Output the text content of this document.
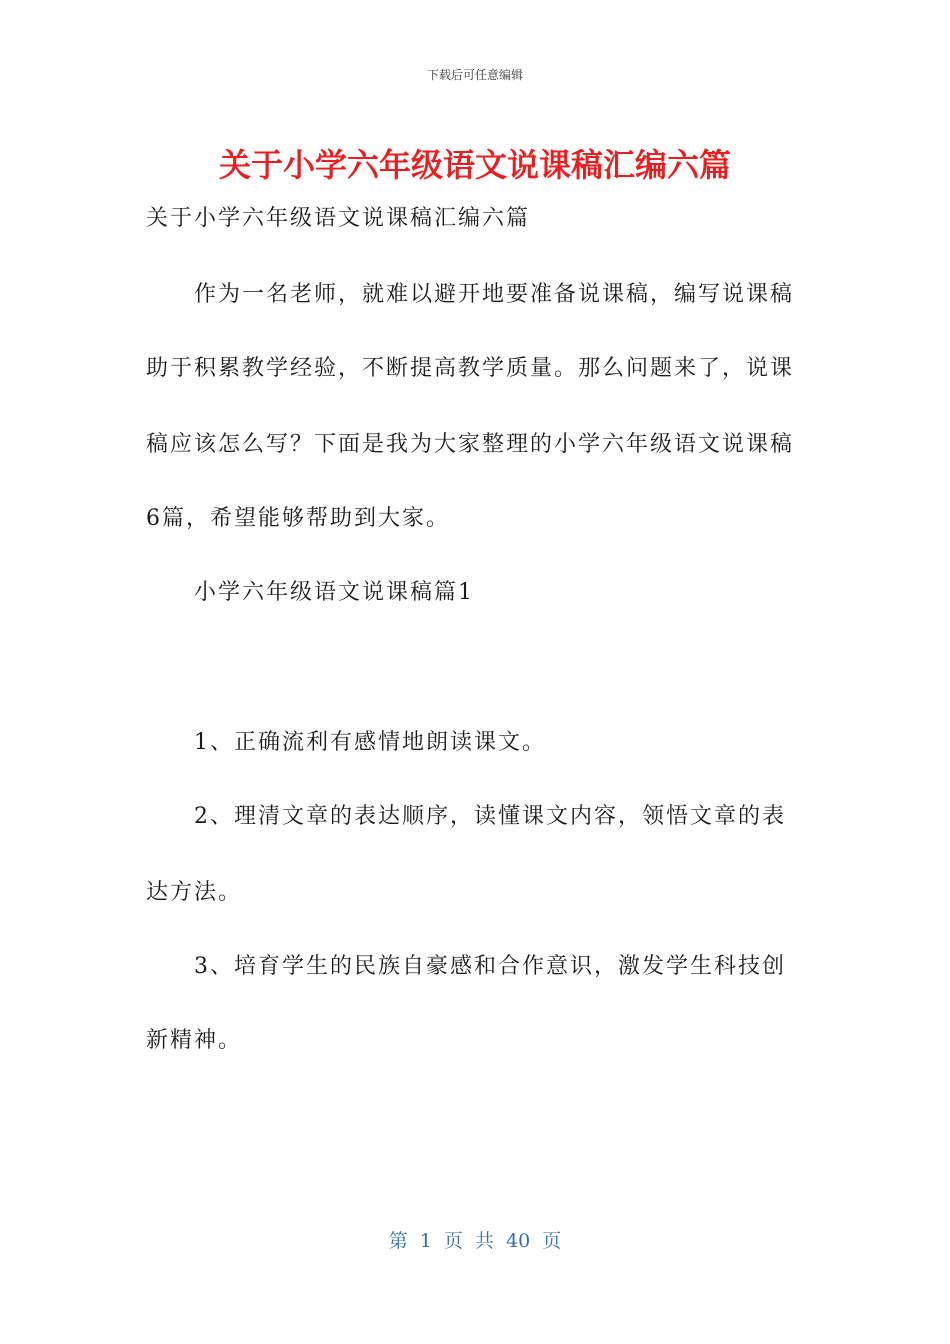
下载后可任意编辑
关于小学六年级语文说课稿汇编六篇
关于小学六年级语文说课稿汇编六篇
作为一名老师，就难以避开地要准备说课稿，编写说课稿
助于积累教学经验，不断提高教学质量。那么问题来了，说课
稿应该怎么写？下面是我为大家整理的小学六年级语文说课稿
6篇，希望能够帮助到大家。
小学六年级语文说课稿篇1
1、正确流利有感情地朗读课文。
2、理清文章的表达顺序，读懂课文内容，领悟文章的表
达方法。
3、培育学生的民族自豪感和合作意识，激发学生科技创
新精神。
第 1 页 共 40 页
